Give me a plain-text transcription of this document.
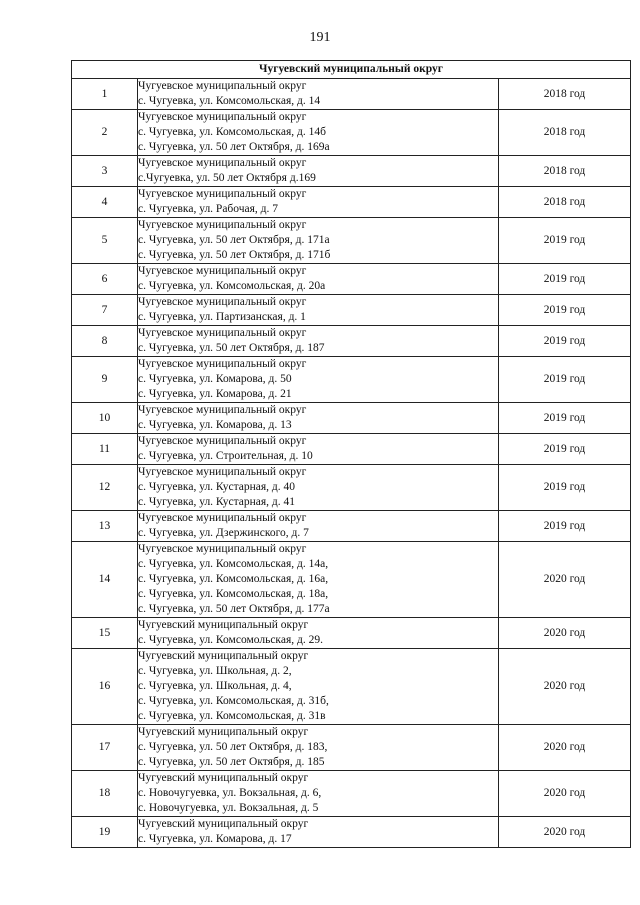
191
Чугуевский муниципальный округ		
1	Чугуевское муниципальный округ
с. Чугуевка, ул. Комсомольская, д. 14	2018 год
2	Чугуевское муниципальный округ
с. Чугуевка, ул. Комсомольская, д. 14б
с. Чугуевка, ул. 50 лет Октября, д. 169а	2018 год
3	Чугуевское муниципальный округ
с.Чугуевка, ул. 50 лет Октября д.169	2018 год
4	Чугуевское муниципальный округ
с. Чугуевка, ул. Рабочая, д. 7	2018 год
5	Чугуевское муниципальный округ
с. Чугуевка, ул. 50 лет Октября, д. 171а
с. Чугуевка, ул. 50 лет Октября, д. 171б	2019 год
6	Чугуевское муниципальный округ
с. Чугуевка, ул. Комсомольская, д. 20а	2019 год
7	Чугуевское муниципальный округ
с. Чугуевка, ул. Партизанская, д. 1	2019 год
8	Чугуевское муниципальный округ
с. Чугуевка, ул. 50 лет Октября, д. 187	2019 год
9	Чугуевское муниципальный округ
с. Чугуевка, ул. Комарова, д. 50
с. Чугуевка, ул. Комарова, д. 21	2019 год
10	Чугуевское муниципальный округ
с. Чугуевка, ул. Комарова, д. 13	2019 год
11	Чугуевское муниципальный округ
с. Чугуевка, ул. Строительная, д. 10	2019 год
12	Чугуевское муниципальный округ
с. Чугуевка, ул. Кустарная, д. 40
с. Чугуевка, ул. Кустарная, д. 41	2019 год
13	Чугуевское муниципальный округ
с. Чугуевка, ул. Дзержинского, д. 7	2019 год
14	Чугуевское муниципальный округ
с. Чугуевка, ул. Комсомольская, д. 14а,
с. Чугуевка, ул. Комсомольская, д. 16а,
с. Чугуевка, ул. Комсомольская, д. 18а,
с. Чугуевка, ул. 50 лет Октября, д. 177а	2020 год
15	Чугуевский муниципальный округ
с. Чугуевка, ул. Комсомольская, д. 29.	2020 год
16	Чугуевский муниципальный округ
с. Чугуевка, ул. Школьная, д. 2,
с. Чугуевка, ул. Школьная, д. 4,
с. Чугуевка, ул. Комсомольская, д. 31б,
с. Чугуевка, ул. Комсомольская, д. 31в	2020 год
17	Чугуевский муниципальный округ
с. Чугуевка, ул. 50 лет Октября, д. 183,
с. Чугуевка, ул. 50 лет Октября, д. 185	2020 год
18	Чугуевский муниципальный округ
с. Новочугуевка, ул. Вокзальная, д. 6,
с. Новочугуевка, ул. Вокзальная, д. 5	2020 год
19	Чугуевский муниципальный округ
с. Чугуевка, ул. Комарова, д. 17	2020 год
